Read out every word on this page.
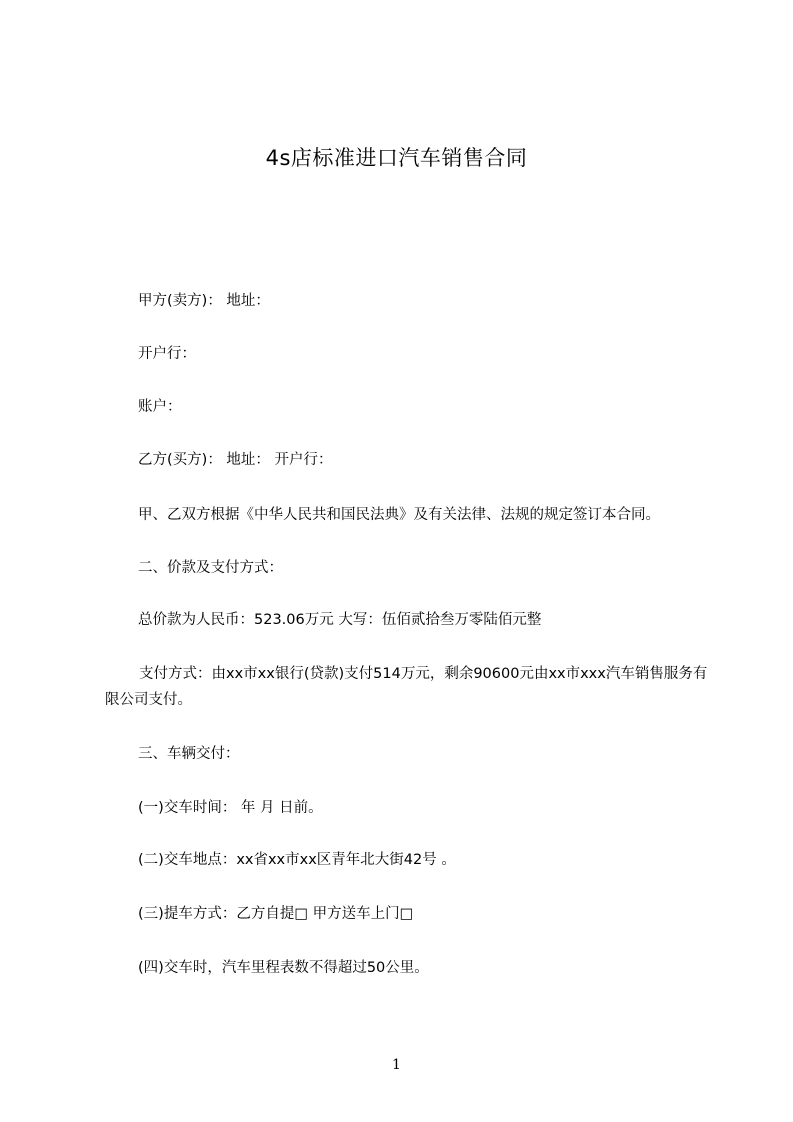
4s店标准进口汽车销售合同
甲方(卖方)： 地址：
开户行：
账户：
乙方(买方)： 地址： 开户行：
甲、乙双方根据《中华人民共和国民法典》及有关法律、法规的规定签订本合同。
二、价款及支付方式：
总价款为人民币：523.06万元 大写：伍佰贰拾叁万零陆佰元整
支付方式：由xx市xx银行(贷款)支付514万元，剩余90600元由xx市xxx汽车销售服务有限公司支付。
三、车辆交付：
(一)交车时间： 年 月 日前。
(二)交车地点：xx省xx市xx区青年北大街42号 。
(三)提车方式：乙方自提□ 甲方送车上门□
(四)交车时，汽车里程表数不得超过50公里。
1
